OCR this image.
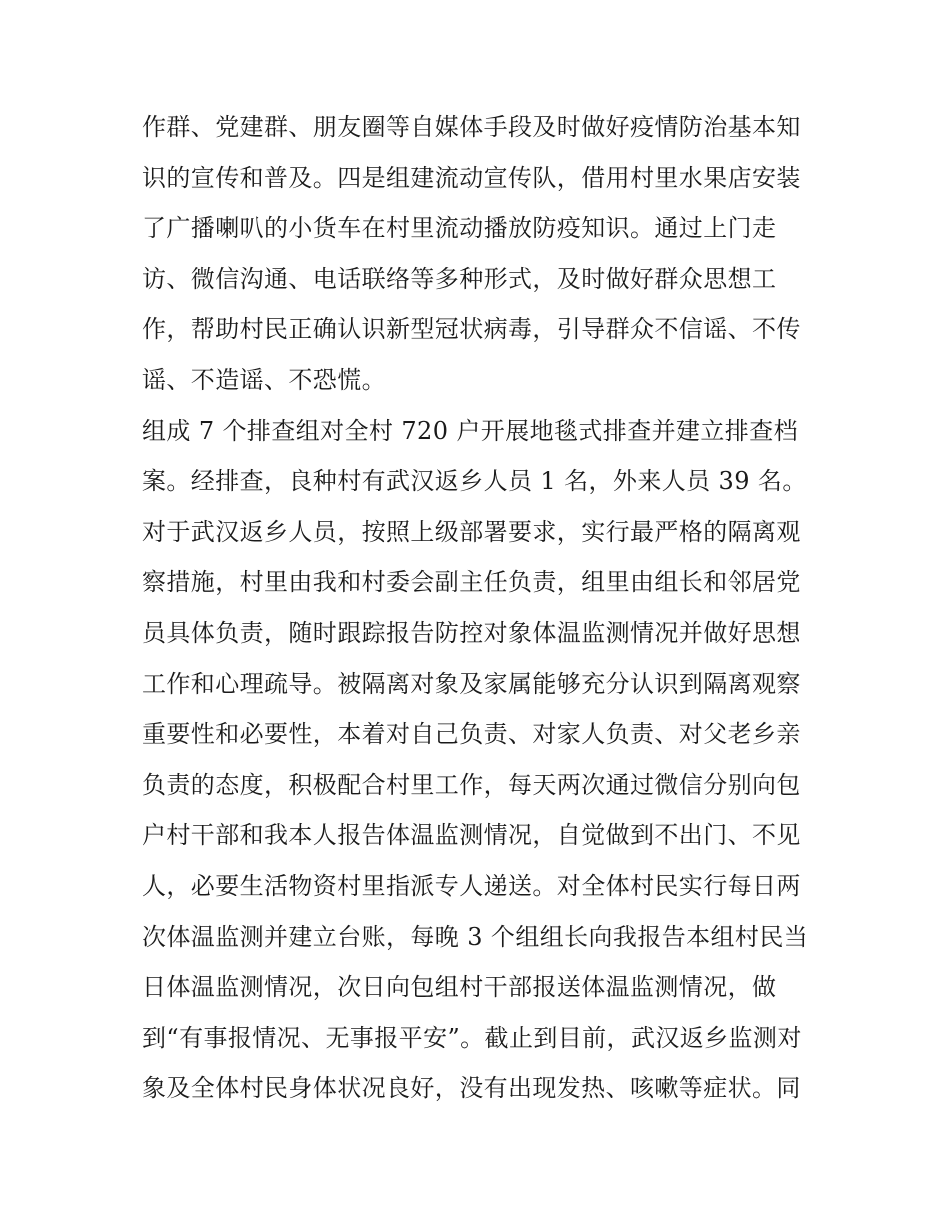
作群、党建群、朋友圈等自媒体手段及时做好疫情防治基本知
识的宣传和普及。四是组建流动宣传队，借用村里水果店安装
了广播喇叭的小货车在村里流动播放防疫知识。通过上门走
访、微信沟通、电话联络等多种形式，及时做好群众思想工
作，帮助村民正确认识新型冠状病毒，引导群众不信谣、不传
谣、不造谣、不恐慌。
组成 7 个排查组对全村 720 户开展地毯式排查并建立排查档
案。经排查，良种村有武汉返乡人员 1 名，外来人员 39 名。
对于武汉返乡人员，按照上级部署要求，实行最严格的隔离观
察措施，村里由我和村委会副主任负责，组里由组长和邻居党
员具体负责，随时跟踪报告防控对象体温监测情况并做好思想
工作和心理疏导。被隔离对象及家属能够充分认识到隔离观察
重要性和必要性，本着对自己负责、对家人负责、对父老乡亲
负责的态度，积极配合村里工作，每天两次通过微信分别向包
户村干部和我本人报告体温监测情况，自觉做到不出门、不见
人，必要生活物资村里指派专人递送。对全体村民实行每日两
次体温监测并建立台账，每晚 3 个组组长向我报告本组村民当
日体温监测情况，次日向包组村干部报送体温监测情况，做
到“有事报情况、无事报平安”。截止到目前，武汉返乡监测对
象及全体村民身体状况良好，没有出现发热、咳嗽等症状。同
